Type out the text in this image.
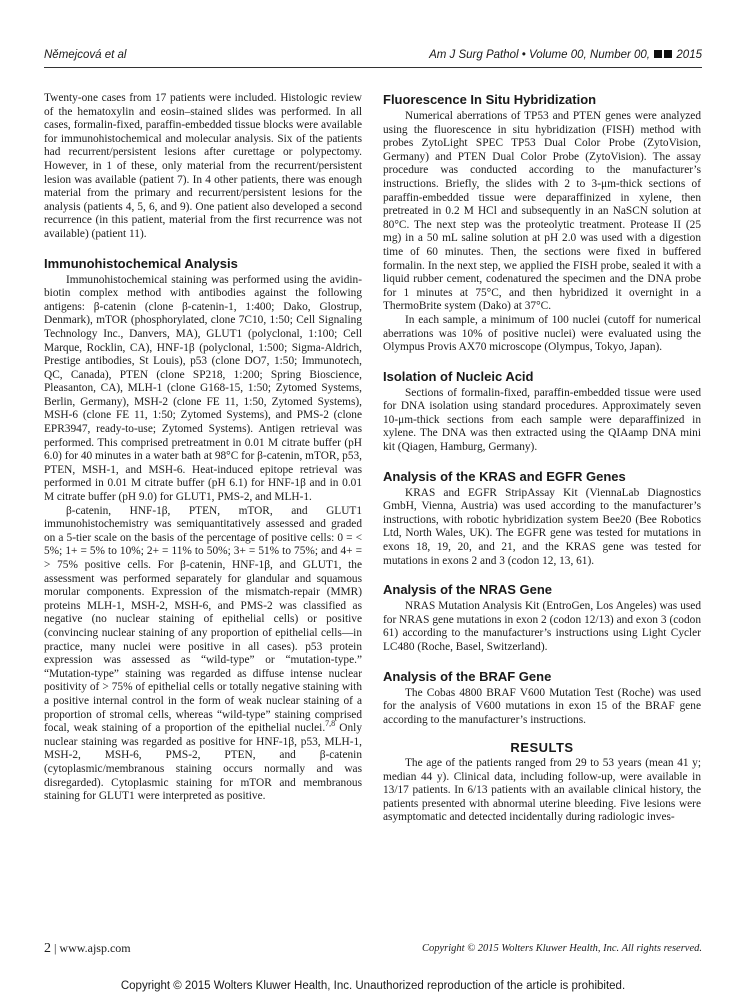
Němejcová et al	Am J Surg Pathol • Volume 00, Number 00, 2015

Twenty-one cases from 17 patients were included. Histologic review of the hematoxylin and eosin–stained slides was performed. In all cases, formalin-fixed, paraffin-embedded tissue blocks were available for immunohistochemical and molecular analysis. Six of the patients had recurrent/persistent lesions after curettage or polypectomy. However, in 1 of these, only material from the recurrent/persistent lesion was available (patient 7). In 4 other patients, there was enough material from the primary and recurrent/persistent lesions for the analysis (patients 4, 5, 6, and 9). One patient also developed a second recurrence (in this patient, material from the first recurrence was not available) (patient 11).

Immunohistochemical Analysis

Immunohistochemical staining was performed using the avidin-biotin complex method with antibodies against the following antigens: β-catenin (clone β-catenin-1, 1:400; Dako, Glostrup, Denmark), mTOR (phosphorylated, clone 7C10, 1:50; Cell Signaling Technology Inc., Danvers, MA), GLUT1 (polyclonal, 1:100; Cell Marque, Rocklin, CA), HNF-1β (polyclonal, 1:500; Sigma-Aldrich, Prestige antibodies, St Louis), p53 (clone DO7, 1:50; Immunotech, QC, Canada), PTEN (clone SP218, 1:200; Spring Bioscience, Pleasanton, CA), MLH-1 (clone G168-15, 1:50; Zytomed Systems, Berlin, Germany), MSH-2 (clone FE 11, 1:50, Zytomed Systems), MSH-6 (clone FE 11, 1:50; Zytomed Systems), and PMS-2 (clone EPR3947, ready-to-use; Zytomed Systems). Antigen retrieval was performed. This comprised pretreatment in 0.01 M citrate buffer (pH 6.0) for 40 minutes in a water bath at 98°C for β-catenin, mTOR, p53, PTEN, MSH-1, and MSH-6. Heat-induced epitope retrieval was performed in 0.01 M citrate buffer (pH 6.1) for HNF-1β and in 0.01 M citrate buffer (pH 9.0) for GLUT1, PMS-2, and MLH-1.

β-catenin, HNF-1β, PTEN, mTOR, and GLUT1 immunohistochemistry was semiquantitatively assessed and graded on a 5-tier scale on the basis of the percentage of positive cells: 0 = < 5%; 1+ = 5% to 10%; 2+ = 11% to 50%; 3+ = 51% to 75%; and 4+ = > 75% positive cells. For β-catenin, HNF-1β, and GLUT1, the assessment was performed separately for glandular and squamous morular components. Expression of the mismatch-repair (MMR) proteins MLH-1, MSH-2, MSH-6, and PMS-2 was classified as negative (no nuclear staining of epithelial cells) or positive (convincing nuclear staining of any proportion of epithelial cells—in practice, many nuclei were positive in all cases). p53 protein expression was assessed as “wild-type” or “mutation-type.” “Mutation-type” staining was regarded as diffuse intense nuclear positivity of > 75% of epithelial cells or totally negative staining with a positive internal control in the form of weak nuclear staining of a proportion of stromal cells, whereas “wild-type” staining comprised focal, weak staining of a proportion of the epithelial nuclei.$^{7,8}$ Only nuclear staining was regarded as positive for HNF-1β, p53, MLH-1, MSH-2, MSH-6, PMS-2, PTEN, and β-catenin (cytoplasmic/membranous staining occurs normally and was disregarded). Cytoplasmic staining for mTOR and membranous staining for GLUT1 were interpreted as positive.

Fluorescence In Situ Hybridization

Numerical aberrations of TP53 and PTEN genes were analyzed using the fluorescence in situ hybridization (FISH) method with probes ZytoLight SPEC TP53 Dual Color Probe (ZytoVision, Germany) and PTEN Dual Color Probe (ZytoVision). The assay procedure was conducted according to the manufacturer’s instructions. Briefly, the slides with 2 to 3-μm-thick sections of paraffin-embedded tissue were deparaffinized in xylene, then pretreated in 0.2 M HCl and subsequently in an NaSCN solution at 80°C. The next step was the proteolytic treatment. Protease II (25 mg) in a 50 mL saline solution at pH 2.0 was used with a digestion time of 60 minutes. Then, the sections were fixed in buffered formalin. In the next step, we applied the FISH probe, sealed it with a liquid rubber cement, codenatured the specimen and the DNA probe for 1 minutes at 75°C, and then hybridized it overnight in a ThermoBrite system (Dako) at 37°C.

In each sample, a minimum of 100 nuclei (cutoff for numerical aberrations was 10% of positive nuclei) were evaluated using the Olympus Provis AX70 microscope (Olympus, Tokyo, Japan).

Isolation of Nucleic Acid

Sections of formalin-fixed, paraffin-embedded tissue were used for DNA isolation using standard procedures. Approximately seven 10-μm-thick sections from each sample were deparaffinized in xylene. The DNA was then extracted using the QIAamp DNA mini kit (Qiagen, Hamburg, Germany).

Analysis of the KRAS and EGFR Genes

KRAS and EGFR StripAssay Kit (ViennaLab Diagnostics GmbH, Vienna, Austria) was used according to the manufacturer’s instructions, with robotic hybridization system Bee20 (Bee Robotics Ltd, North Wales, UK). The EGFR gene was tested for mutations in exons 18, 19, 20, and 21, and the KRAS gene was tested for mutations in exons 2 and 3 (codon 12, 13, 61).

Analysis of the NRAS Gene

NRAS Mutation Analysis Kit (EntroGen, Los Angeles) was used for NRAS gene mutations in exon 2 (codon 12/13) and exon 3 (codon 61) according to the manufacturer’s instructions using Light Cycler LC480 (Roche, Basel, Switzerland).

Analysis of the BRAF Gene

The Cobas 4800 BRAF V600 Mutation Test (Roche) was used for the analysis of V600 mutations in exon 15 of the BRAF gene according to the manufacturer’s instructions.

RESULTS

The age of the patients ranged from 29 to 53 years (mean 41 y; median 44 y). Clinical data, including follow-up, were available in 13/17 patients. In 6/13 patients with an available clinical history, the patients presented with abnormal uterine bleeding. Five lesions were asymptomatic and detected incidentally during radiologic inves-

2 | www.ajsp.com	Copyright © 2015 Wolters Kluwer Health, Inc. All rights reserved.
Copyright © 2015 Wolters Kluwer Health, Inc. Unauthorized reproduction of the article is prohibited.
